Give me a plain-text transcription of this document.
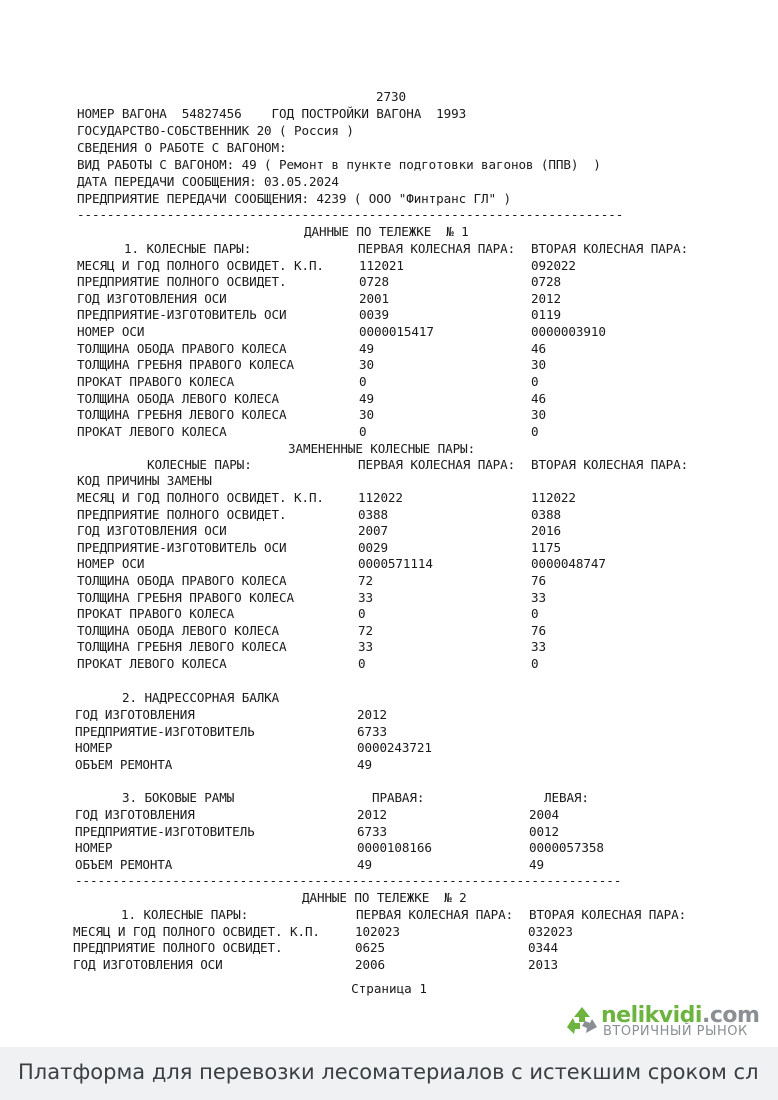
2730
НОМЕР ВАГОНА  54827456    ГОД ПОСТРОЙКИ ВАГОНА  1993
ГОСУДАРСТВО-СОБСТВЕННИК 20 ( Россия )
СВЕДЕНИЯ О РАБОТЕ С ВАГОНОМ:
ВИД РАБОТЫ С ВАГОНОМ: 49 ( Ремонт в пункте подготовки вагонов (ППВ)  )
ДАТА ПЕРЕДАЧИ СООБЩЕНИЯ: 03.05.2024
ПРЕДПРИЯТИЕ ПЕРЕДАЧИ СООБЩЕНИЯ: 4239 ( ООО "Финтранс ГЛ" )
-------------------------------------------------------------------------
ДАННЫЕ ПО ТЕЛЕЖКЕ  № 1
1. КОЛЕСНЫЕ ПАРЫ:	ПЕРВАЯ КОЛЕСНАЯ ПАРА: ВТОРАЯ КОЛЕСНАЯ ПАРА:
МЕСЯЦ И ГОД ПОЛНОГО ОСВИДЕТ. К.П.	112021	092022
ПРЕДПРИЯТИЕ ПОЛНОГО ОСВИДЕТ.	0728	0728
ГОД ИЗГОТОВЛЕНИЯ ОСИ	2001	2012
ПРЕДПРИЯТИЕ-ИЗГОТОВИТЕЛЬ ОСИ	0039	0119
НОМЕР ОСИ	0000015417	0000003910
ТОЛЩИНА ОБОДА ПРАВОГО КОЛЕСА	49	46
ТОЛЩИНА ГРЕБНЯ ПРАВОГО КОЛЕСА	30	30
ПРОКАТ ПРАВОГО КОЛЕСА	0	0
ТОЛЩИНА ОБОДА ЛЕВОГО КОЛЕСА	49	46
ТОЛЩИНА ГРЕБНЯ ЛЕВОГО КОЛЕСА	30	30
ПРОКАТ ЛЕВОГО КОЛЕСА	0	0
ЗАМЕНЕННЫЕ КОЛЕСНЫЕ ПАРЫ:
КОЛЕСНЫЕ ПАРЫ:	ПЕРВАЯ КОЛЕСНАЯ ПАРА: ВТОРАЯ КОЛЕСНАЯ ПАРА:
КОД ПРИЧИНЫ ЗАМЕНЫ
МЕСЯЦ И ГОД ПОЛНОГО ОСВИДЕТ. К.П.	112022	112022
ПРЕДПРИЯТИЕ ПОЛНОГО ОСВИДЕТ.	0388	0388
ГОД ИЗГОТОВЛЕНИЯ ОСИ	2007	2016
ПРЕДПРИЯТИЕ-ИЗГОТОВИТЕЛЬ ОСИ	0029	1175
НОМЕР ОСИ	0000571114	0000048747
ТОЛЩИНА ОБОДА ПРАВОГО КОЛЕСА	72	76
ТОЛЩИНА ГРЕБНЯ ПРАВОГО КОЛЕСА	33	33
ПРОКАТ ПРАВОГО КОЛЕСА	0	0
ТОЛЩИНА ОБОДА ЛЕВОГО КОЛЕСА	72	76
ТОЛЩИНА ГРЕБНЯ ЛЕВОГО КОЛЕСА	33	33
ПРОКАТ ЛЕВОГО КОЛЕСА	0	0
2. НАДРЕССОРНАЯ БАЛКА
ГОД ИЗГОТОВЛЕНИЯ	2012
ПРЕДПРИЯТИЕ-ИЗГОТОВИТЕЛЬ	6733
НОМЕР	0000243721
ОБЪЕМ РЕМОНТА	49
3. БОКОВЫЕ РАМЫ	ПРАВАЯ:	ЛЕВАЯ:
ГОД ИЗГОТОВЛЕНИЯ	2012	2004
ПРЕДПРИЯТИЕ-ИЗГОТОВИТЕЛЬ	6733	0012
НОМЕР	0000108166	0000057358
ОБЪЕМ РЕМОНТА	49	49
-------------------------------------------------------------------------
ДАННЫЕ ПО ТЕЛЕЖКЕ  № 2
1. КОЛЕСНЫЕ ПАРЫ:	ПЕРВАЯ КОЛЕСНАЯ ПАРА: ВТОРАЯ КОЛЕСНАЯ ПАРА:
МЕСЯЦ И ГОД ПОЛНОГО ОСВИДЕТ. К.П.	102023	032023
ПРЕДПРИЯТИЕ ПОЛНОГО ОСВИДЕТ.	0625	0344
ГОД ИЗГОТОВЛЕНИЯ ОСИ	2006	2013
Страница 1
nelikvidi.com
ВТОРИЧНЫЙ РЫНОК
Платформа для перевозки лесоматериалов с истекшим сроком сл
